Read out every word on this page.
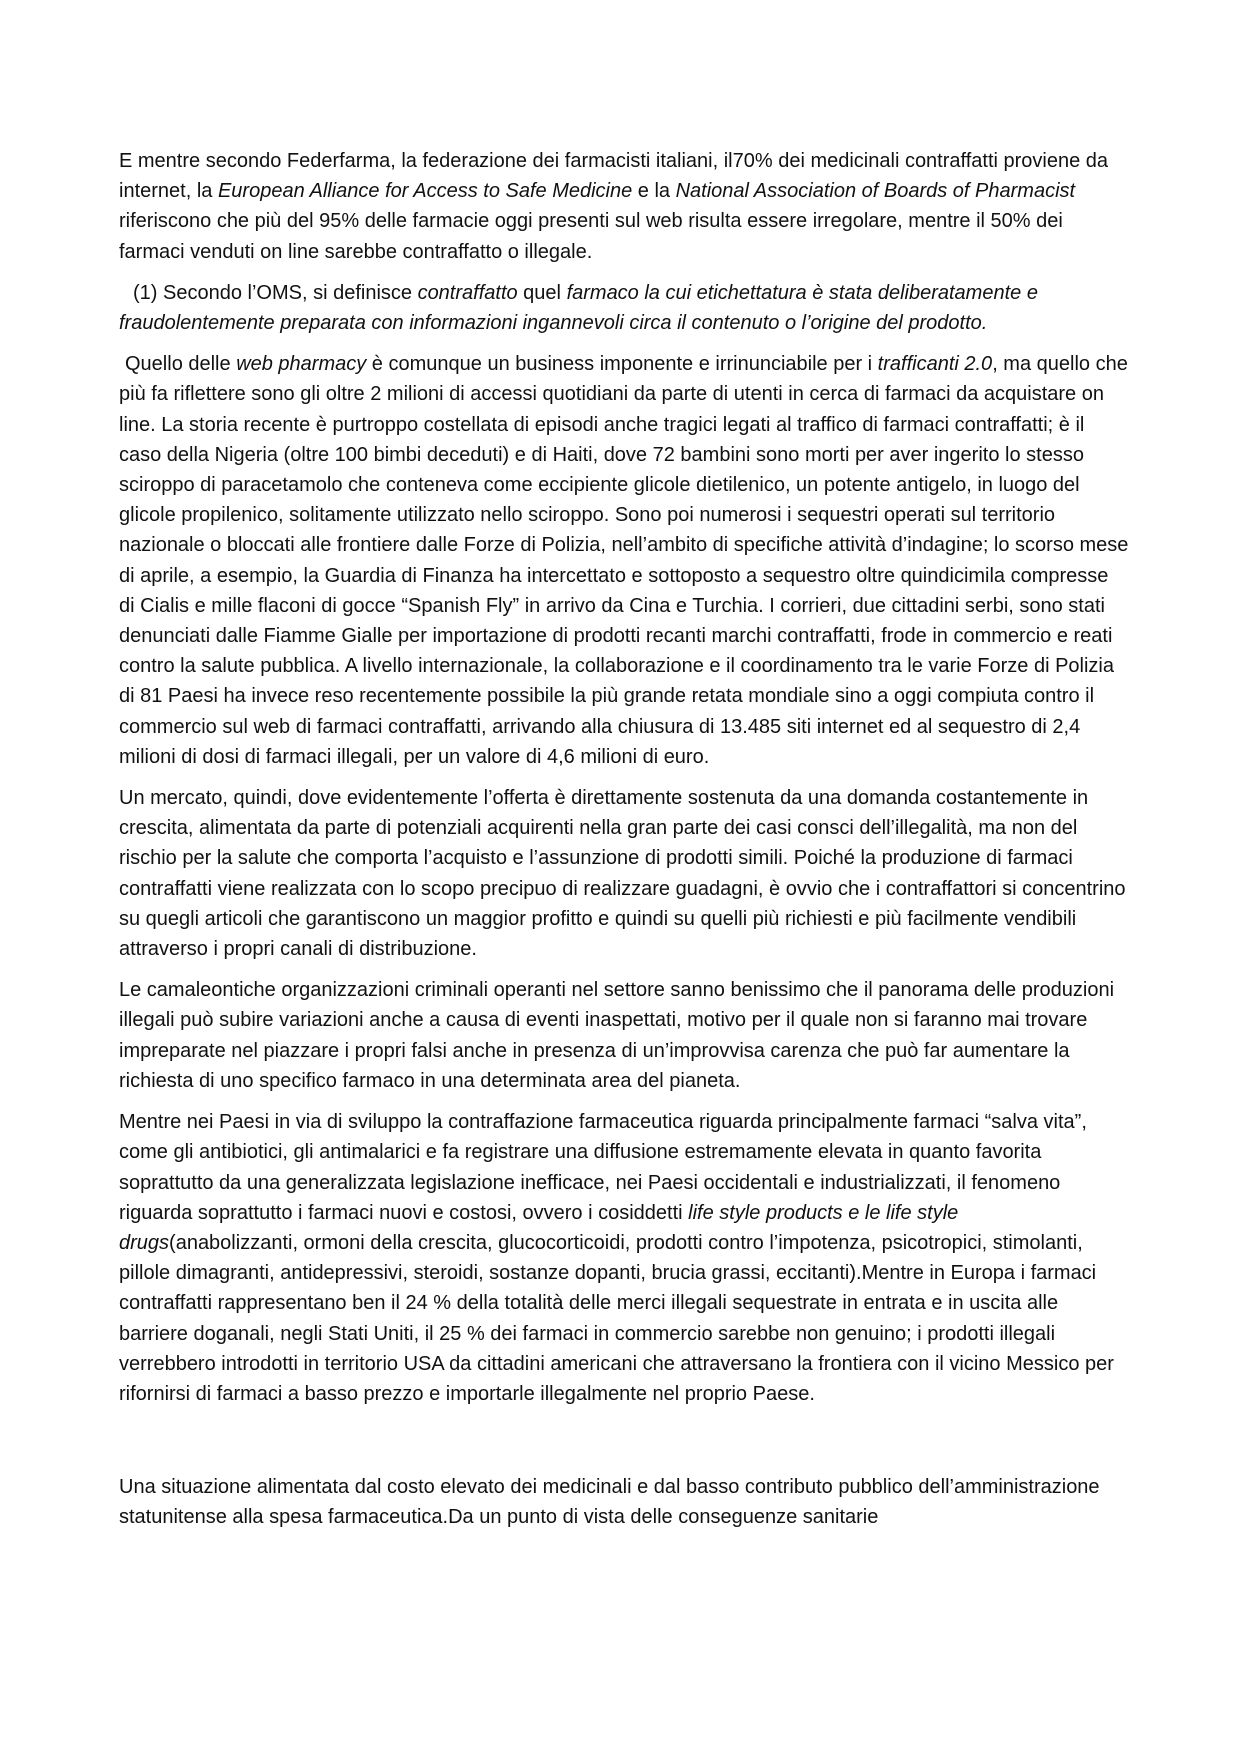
E mentre secondo Federfarma, la federazione dei farmacisti italiani, il70% dei medicinali contraffatti proviene da internet, la European Alliance for Access to Safe Medicine e la National Association of Boards of Pharmacist riferiscono che più del 95% delle farmacie oggi presenti sul web risulta essere irregolare, mentre il 50% dei farmaci venduti on line sarebbe contraffatto o illegale.

(1) Secondo l’OMS, si definisce contraffatto quel farmaco la cui etichettatura è stata deliberatamente e fraudolentemente preparata con informazioni ingannevoli circa il contenuto o l’origine del prodotto.

Quello delle web pharmacy è comunque un business imponente e irrinunciabile per i trafficanti 2.0, ma quello che più fa riflettere sono gli oltre 2 milioni di accessi quotidiani da parte di utenti in cerca di farmaci da acquistare on line. La storia recente è purtroppo costellata di episodi anche tragici legati al traffico di farmaci contraffatti; è il caso della Nigeria (oltre 100 bimbi deceduti) e di Haiti, dove 72 bambini sono morti per aver ingerito lo stesso sciroppo di paracetamolo che conteneva come eccipiente glicole dietilenico, un potente antigelo, in luogo del glicole propilenico, solitamente utilizzato nello sciroppo. Sono poi numerosi i sequestri operati sul territorio nazionale o bloccati alle frontiere dalle Forze di Polizia, nell’ambito di specifiche attività d’indagine; lo scorso mese di aprile, a esempio, la Guardia di Finanza ha intercettato e sottoposto a sequestro oltre quindicimila compresse di Cialis e mille flaconi di gocce “Spanish Fly” in arrivo da Cina e Turchia. I corrieri, due cittadini serbi, sono stati denunciati dalle Fiamme Gialle per importazione di prodotti recanti marchi contraffatti, frode in commercio e reati contro la salute pubblica. A livello internazionale, la collaborazione e il coordinamento tra le varie Forze di Polizia di 81 Paesi ha invece reso recentemente possibile la più grande retata mondiale sino a oggi compiuta contro il commercio sul web di farmaci contraffatti, arrivando alla chiusura di 13.485 siti internet ed al sequestro di 2,4 milioni di dosi di farmaci illegali, per un valore di 4,6 milioni di euro.

Un mercato, quindi, dove evidentemente l’offerta è direttamente sostenuta da una domanda costantemente in crescita, alimentata da parte di potenziali acquirenti nella gran parte dei casi consci dell’illegalità, ma non del rischio per la salute che comporta l’acquisto e l’assunzione di prodotti simili. Poiché la produzione di farmaci contraffatti viene realizzata con lo scopo precipuo di realizzare guadagni, è ovvio che i contraffattori si concentrino su quegli articoli che garantiscono un maggior profitto e quindi su quelli più richiesti e più facilmente vendibili attraverso i propri canali di distribuzione.

Le camaleontiche organizzazioni criminali operanti nel settore sanno benissimo che il panorama delle produzioni illegali può subire variazioni anche a causa di eventi inaspettati, motivo per il quale non si faranno mai trovare impreparate nel piazzare i propri falsi anche in presenza di un’improvvisa carenza che può far aumentare la richiesta di uno specifico farmaco in una determinata area del pianeta.

Mentre nei Paesi in via di sviluppo la contraffazione farmaceutica riguarda principalmente farmaci “salva vita”, come gli antibiotici, gli antimalarici e fa registrare una diffusione estremamente elevata in quanto favorita soprattutto da una generalizzata legislazione inefficace, nei Paesi occidentali e industrializzati, il fenomeno riguarda soprattutto i farmaci nuovi e costosi, ovvero i cosiddetti life style products e le life style drugs(anabolizzanti, ormoni della crescita, glucocorticoidi, prodotti contro l’impotenza, psicotropici, stimolanti, pillole dimagranti, antidepressivi, steroidi, sostanze dopanti, brucia grassi, eccitanti).Mentre in Europa i farmaci contraffatti rappresentano ben il 24 % della totalità delle merci illegali sequestrate in entrata e in uscita alle barriere doganali, negli Stati Uniti, il 25 % dei farmaci in commercio sarebbe non genuino; i prodotti illegali verrebbero introdotti in territorio USA da cittadini americani che attraversano la frontiera con il vicino Messico per rifornirsi di farmaci a basso prezzo e importarle illegalmente nel proprio Paese.

Una situazione alimentata dal costo elevato dei medicinali e dal basso contributo pubblico dell’amministrazione statunitense alla spesa farmaceutica.Da un punto di vista delle conseguenze sanitarie
